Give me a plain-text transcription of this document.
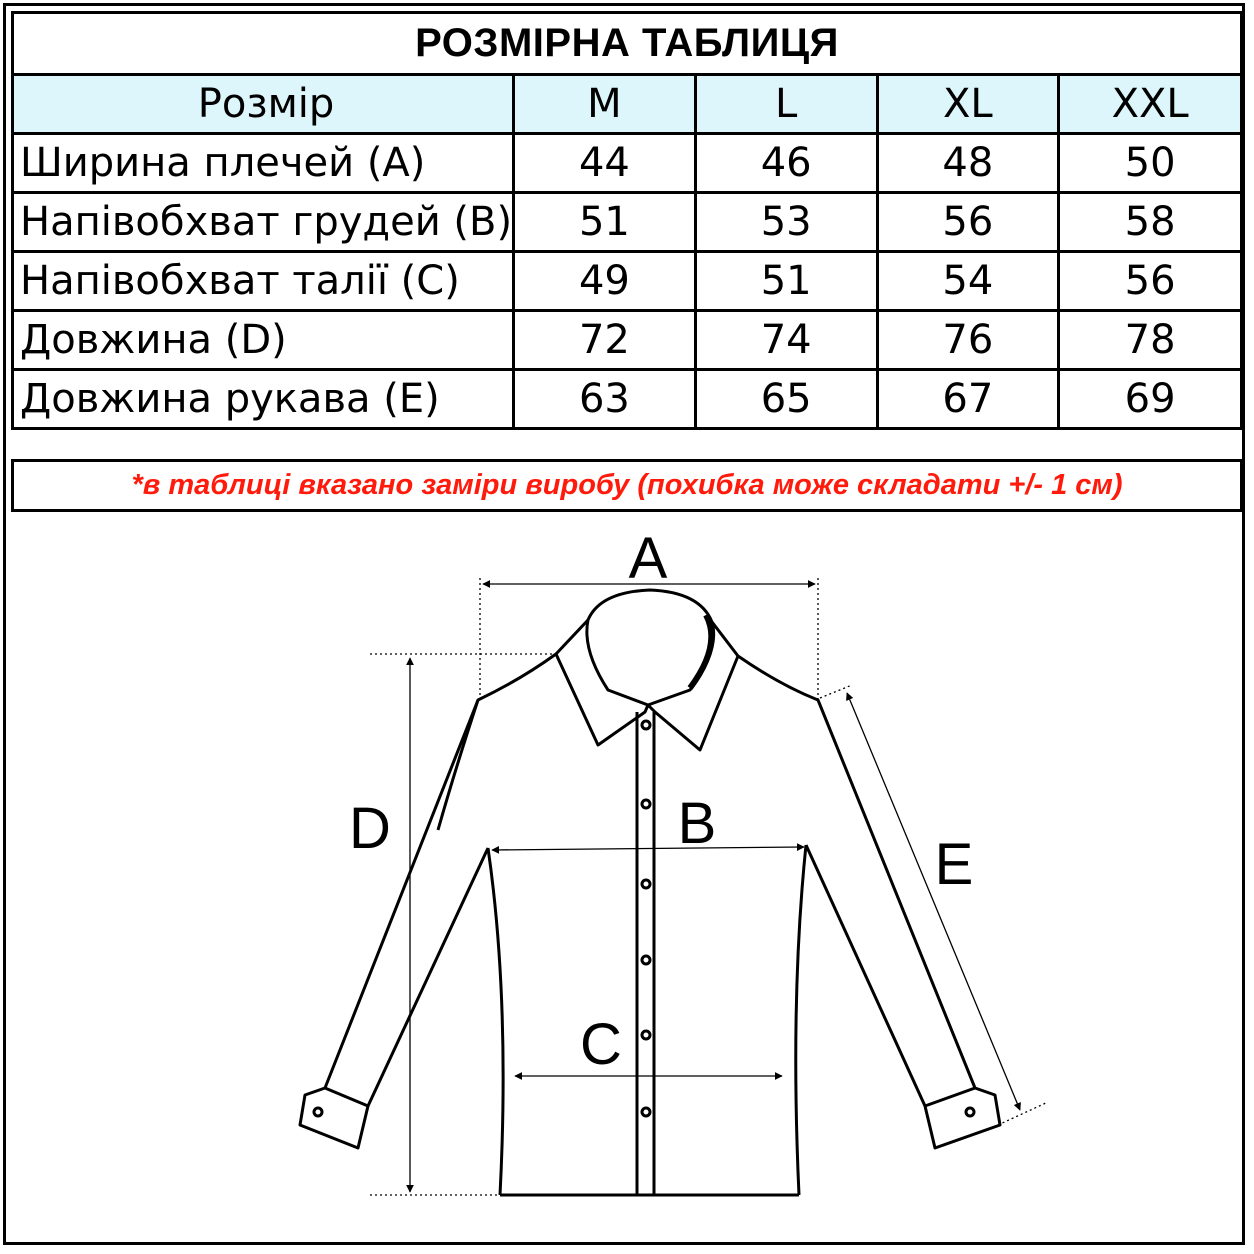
РОЗМІРНА ТАБЛИЦЯ
Розмір	M	L	XL	XXL
Ширина плечей (A)	44	46	48	50
Напівобхват грудей (B)	51	53	56	58
Напівобхват талії (C)	49	51	54	56
Довжина (D)	72	74	76	78
Довжина рукава (E)	63	65	67	69
*в таблиці вказано заміри виробу (похибка може складати +/- 1 см)
A
B
C
D
E
